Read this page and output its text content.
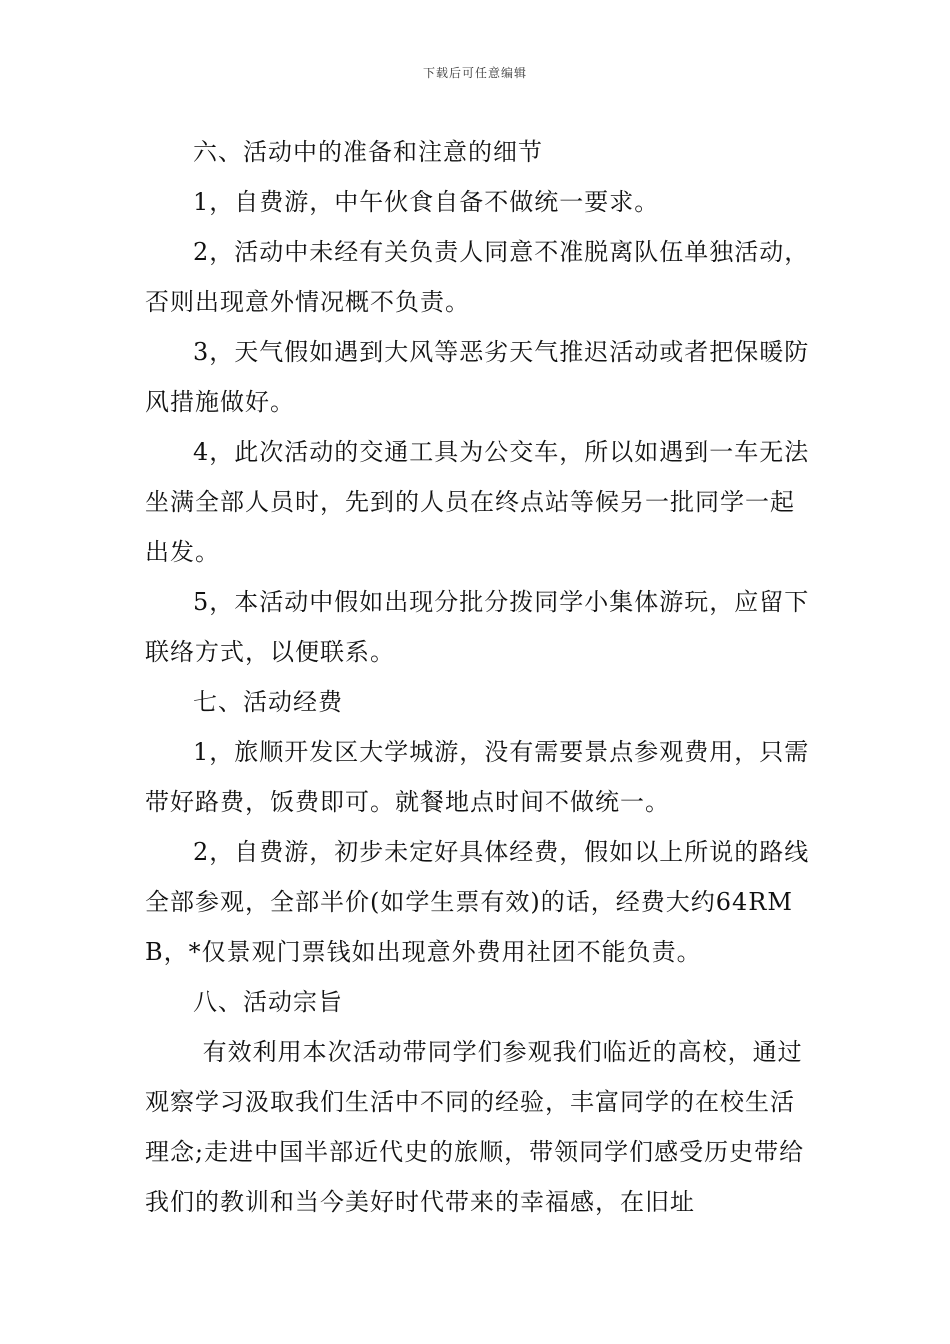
下载后可任意编辑

六、活动中的准备和注意的细节

1，自费游，中午伙食自备不做统一要求。

2，活动中未经有关负责人同意不准脱离队伍单独活动，否则出现意外情况概不负责。

3，天气假如遇到大风等恶劣天气推迟活动或者把保暖防风措施做好。

4，此次活动的交通工具为公交车，所以如遇到一车无法坐满全部人员时，先到的人员在终点站等候另一批同学一起出发。

5，本活动中假如出现分批分拨同学小集体游玩，应留下联络方式，以便联系。

七、活动经费

1，旅顺开发区大学城游，没有需要景点参观费用，只需带好路费，饭费即可。就餐地点时间不做统一。

2，自费游，初步未定好具体经费，假如以上所说的路线全部参观，全部半价(如学生票有效)的话，经费大约64RMB，*仅景观门票钱如出现意外费用社团不能负责。

八、活动宗旨

有效利用本次活动带同学们参观我们临近的高校，通过观察学习汲取我们生活中不同的经验，丰富同学的在校生活理念;走进中国半部近代史的旅顺，带领同学们感受历史带给我们的教训和当今美好时代带来的幸福感，在旧址
